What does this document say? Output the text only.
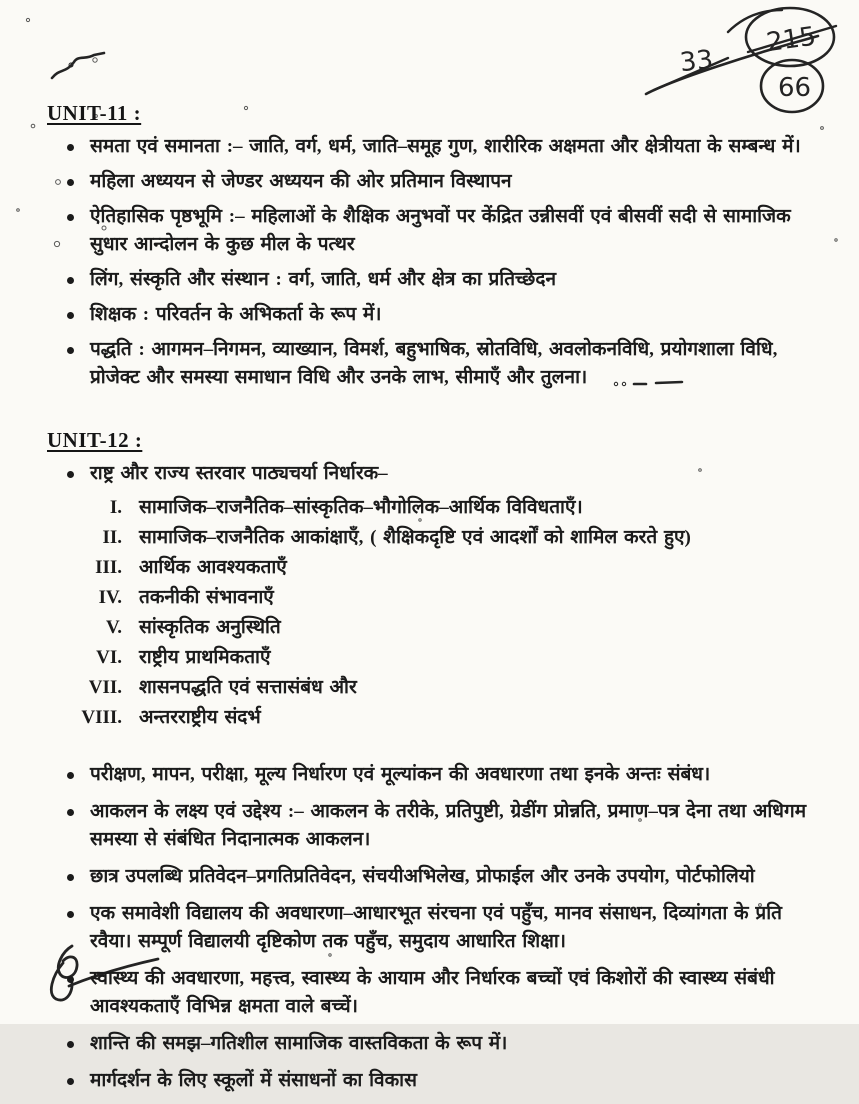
33
215
66
UNIT-11 :
समता एवं समानता :– जाति, वर्ग, धर्म, जाति–समूह गुण, शारीरिक अक्षमता और क्षेत्रीयता के सम्बन्ध में।
महिला अध्ययन से जेण्डर अध्ययन की ओर प्रतिमान विस्थापन
ऐतिहासिक पृष्ठभूमि :– महिलाओं के शैक्षिक अनुभवों पर केंद्रित उन्नीसवीं एवं बीसवीं सदी से सामाजिक सुधार आन्दोलन के कुछ मील के पत्थर
लिंग, संस्कृति और संस्थान : वर्ग, जाति, धर्म और क्षेत्र का प्रतिच्छेदन
शिक्षक : परिवर्तन के अभिकर्ता के रूप में।
पद्धति : आगमन–निगमन, व्याख्यान, विमर्श, बहुभाषिक, स्रोतविधि, अवलोकनविधि, प्रयोगशाला विधि, प्रोजेक्ट और समस्या समाधान विधि और उनके लाभ, सीमाएँ और तुलना।
UNIT-12 :
राष्ट्र और राज्य स्तरवार पाठ्यचर्या निर्धारक–
I. सामाजिक–राजनैतिक–सांस्कृतिक–भौगोलिक–आर्थिक विविधताएँ।
II. सामाजिक–राजनैतिक आकांक्षाएँ, ( शैक्षिकदृष्टि एवं आदर्शों को शामिल करते हुए)
III. आर्थिक आवश्यकताएँ
IV. तकनीकी संभावनाएँ
V. सांस्कृतिक अनुस्थिति
VI. राष्ट्रीय प्राथमिकताएँ
VII. शासनपद्धति एवं सत्तासंबंध और
VIII. अन्तरराष्ट्रीय संदर्भ
परीक्षण, मापन, परीक्षा, मूल्य निर्धारण एवं मूल्यांकन की अवधारणा तथा इनके अन्तः संबंध।
आकलन के लक्ष्य एवं उद्देश्य :– आकलन के तरीके, प्रतिपुष्टी, ग्रेडींग प्रोन्नति, प्रमाण–पत्र देना तथा अधिगम समस्या से संबंधित निदानात्मक आकलन।
छात्र उपलब्धि प्रतिवेदन–प्रगतिप्रतिवेदन, संचयीअभिलेख, प्रोफाईल और उनके उपयोग, पोर्टफोलियो
एक समावेशी विद्यालय की अवधारणा–आधारभूत संरचना एवं पहुँच, मानव संसाधन, दिव्यांगता के प्रति रवैया। सम्पूर्ण विद्यालयी दृष्टिकोण तक पहुँच, समुदाय आधारित शिक्षा।
स्वास्थ्य की अवधारणा, महत्त्व, स्वास्थ्य के आयाम और निर्धारक बच्चों एवं किशोरों की स्वास्थ्य संबंधी आवश्यकताएँ विभिन्न क्षमता वाले बच्चें।
शान्ति की समझ–गतिशील सामाजिक वास्तविकता के रूप में।
मार्गदर्शन के लिए स्कूलों में संसाधनों का विकास
